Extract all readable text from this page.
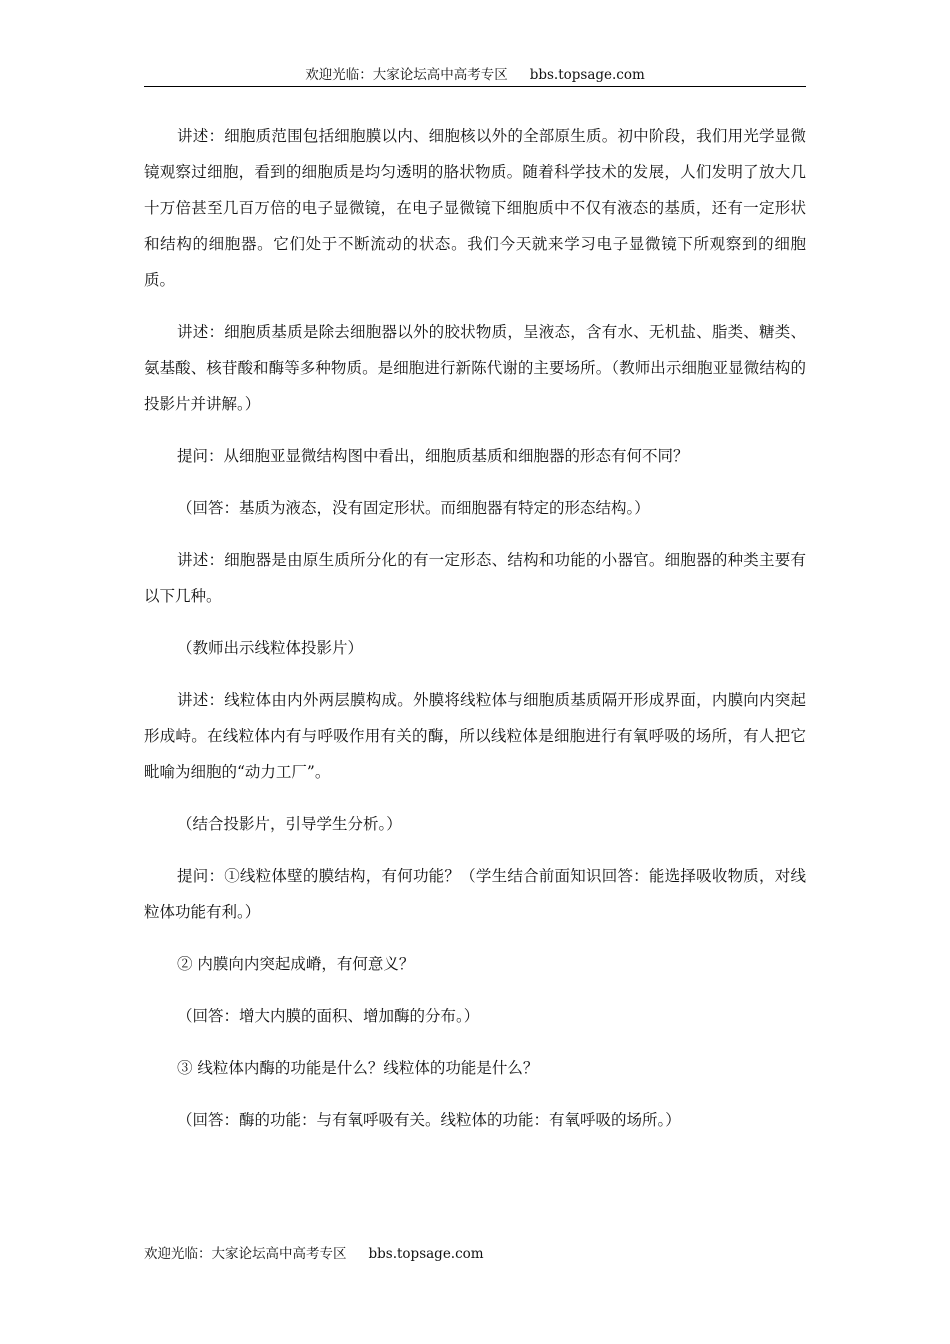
欢迎光临：大家论坛高中高考专区 bbs.topsage.com

讲述：细胞质范围包括细胞膜以内、细胞核以外的全部原生质。初中阶段，我们用光学显微镜观察过细胞，看到的细胞质是均匀透明的胳状物质。随着科学技术的发展，人们发明了放大几十万倍甚至几百万倍的电子显微镜，在电子显微镜下细胞质中不仅有液态的基质，还有一定形状和结构的细胞器。它们处于不断流动的状态。我们今天就来学习电子显微镜下所观察到的细胞质。

讲述：细胞质基质是除去细胞器以外的胶状物质，呈液态，含有水、无机盐、脂类、糖类、氨基酸、核苷酸和酶等多种物质。是细胞进行新陈代谢的主要场所。（教师出示细胞亚显微结构的投影片并讲解。）

提问：从细胞亚显微结构图中看出，细胞质基质和细胞器的形态有何不同？

（回答：基质为液态，没有固定形状。而细胞器有特定的形态结构。）

讲述：细胞器是由原生质所分化的有一定形态、结构和功能的小器官。细胞器的种类主要有以下几种。

（教师出示线粒体投影片）

讲述：线粒体由内外两层膜构成。外膜将线粒体与细胞质基质隔开形成界面，内膜向内突起形成峙。在线粒体内有与呼吸作用有关的酶，所以线粒体是细胞进行有氧呼吸的场所，有人把它毗喻为细胞的“动力工厂”。

（结合投影片，引导学生分析。）

提问：①线粒体壁的膜结构，有何功能？（学生结合前面知识回答：能选择吸收物质，对线粒体功能有利。）

② 内膜向内突起成嵴，有何意义？

（回答：增大内膜的面积、增加酶的分布。）

③ 线粒体内酶的功能是什么？线粒体的功能是什么？

（回答：酶的功能：与有氧呼吸有关。线粒体的功能：有氧呼吸的场所。）

欢迎光临：大家论坛高中高考专区 bbs.topsage.com
